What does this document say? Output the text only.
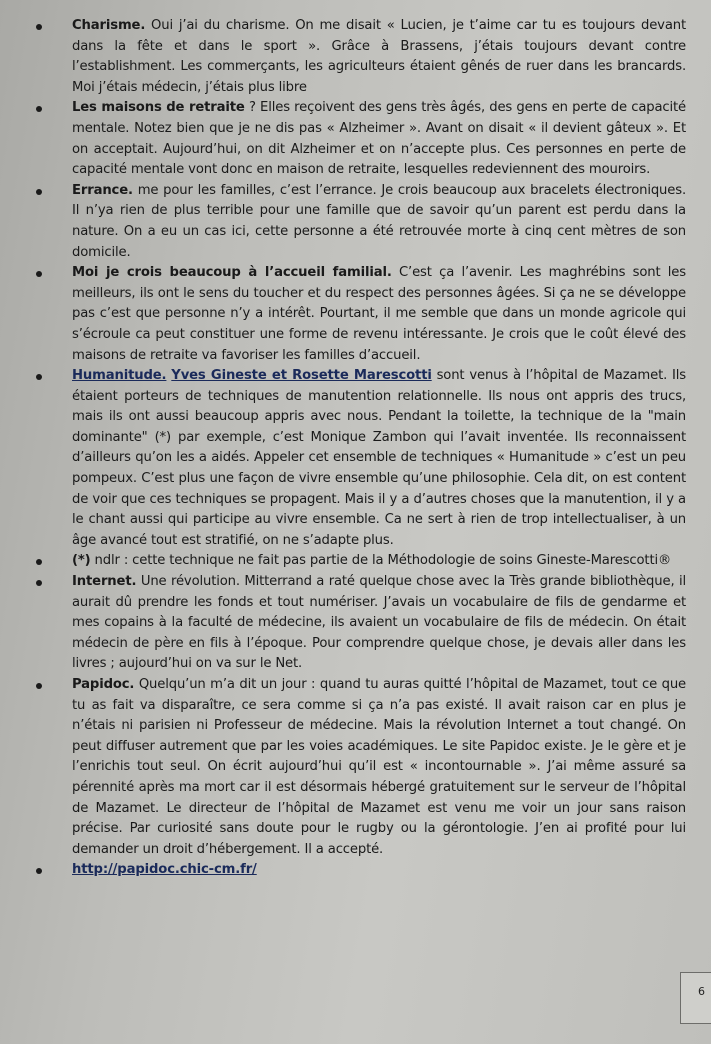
Charisme. Oui j’ai du charisme. On me disait « Lucien, je t’aime car tu es toujours devant dans la fête et dans le sport ». Grâce à Brassens, j’étais toujours devant contre l’establishment. Les commerçants, les agriculteurs étaient gênés de ruer dans les brancards. Moi j’étais médecin, j’étais plus libre
Les maisons de retraite ? Elles reçoivent des gens très âgés, des gens en perte de capacité mentale. Notez bien que je ne dis pas « Alzheimer ». Avant on disait « il devient gâteux ». Et on acceptait. Aujourd’hui, on dit Alzheimer et on n’accepte plus. Ces personnes en perte de capacité mentale vont donc en maison de retraite, lesquelles redeviennent des mouroirs.
Errance. me pour les familles, c’est l’errance. Je crois beaucoup aux bracelets électroniques. Il n’ya rien de plus terrible pour une famille que de savoir qu’un parent est perdu dans la nature. On a eu un cas ici, cette personne a été retrouvée morte à cinq cent mètres de son domicile.
Moi je crois beaucoup à l’accueil familial. C’est ça l’avenir. Les maghrébins sont les meilleurs, ils ont le sens du toucher et du respect des personnes âgées. Si ça ne se développe pas c’est que personne n’y a intérêt. Pourtant, il me semble que dans un monde agricole qui s’écroule ca peut constituer une forme de revenu intéressante. Je crois que le coût élevé des maisons de retraite va favoriser les familles d’accueil.
Humanitude. Yves Gineste et Rosette Marescotti sont venus à l’hôpital de Mazamet. Ils étaient porteurs de techniques de manutention relationnelle. Ils nous ont appris des trucs, mais ils ont aussi beaucoup appris avec nous. Pendant la toilette, la technique de la "main dominante" (*) par exemple, c’est Monique Zambon qui l’avait inventée. Ils reconnaissent d’ailleurs qu’on les a aidés. Appeler cet ensemble de techniques « Humanitude » c’est un peu pompeux. C’est plus une façon de vivre ensemble qu’une philosophie. Cela dit, on est content de voir que ces techniques se propagent. Mais il y a d’autres choses que la manutention, il y a le chant aussi qui participe au vivre ensemble. Ca ne sert à rien de trop intellectualiser, à un âge avancé tout est stratifié, on ne s’adapte plus.
(*) ndlr : cette technique ne fait pas partie de la Méthodologie de soins Gineste-Marescotti®
Internet. Une révolution. Mitterrand a raté quelque chose avec la Très grande bibliothèque, il aurait dû prendre les fonds et tout numériser. J’avais un vocabulaire de fils de gendarme et mes copains à la faculté de médecine, ils avaient un vocabulaire de fils de médecin. On était médecin de père en fils à l’époque. Pour comprendre quelque chose, je devais aller dans les livres ; aujourd’hui on va sur le Net.
Papidoc. Quelqu’un m’a dit un jour : quand tu auras quitté l’hôpital de Mazamet, tout ce que tu as fait va disparaître, ce sera comme si ça n’a pas existé. Il avait raison car en plus je n’étais ni parisien ni Professeur de médecine. Mais la révolution Internet a tout changé. On peut diffuser autrement que par les voies académiques. Le site Papidoc existe. Je le gère et je l’enrichis tout seul. On écrit aujourd’hui qu’il est « incontournable ». J’ai même assuré sa pérennité après ma mort car il est désormais hébergé gratuitement sur le serveur de l’hôpital de Mazamet. Le directeur de l’hôpital de Mazamet est venu me voir un jour sans raison précise. Par curiosité sans doute pour le rugby ou la gérontologie. J’en ai profité pour lui demander un droit d’hébergement. Il a accepté.
http://papidoc.chic-cm.fr/
6
